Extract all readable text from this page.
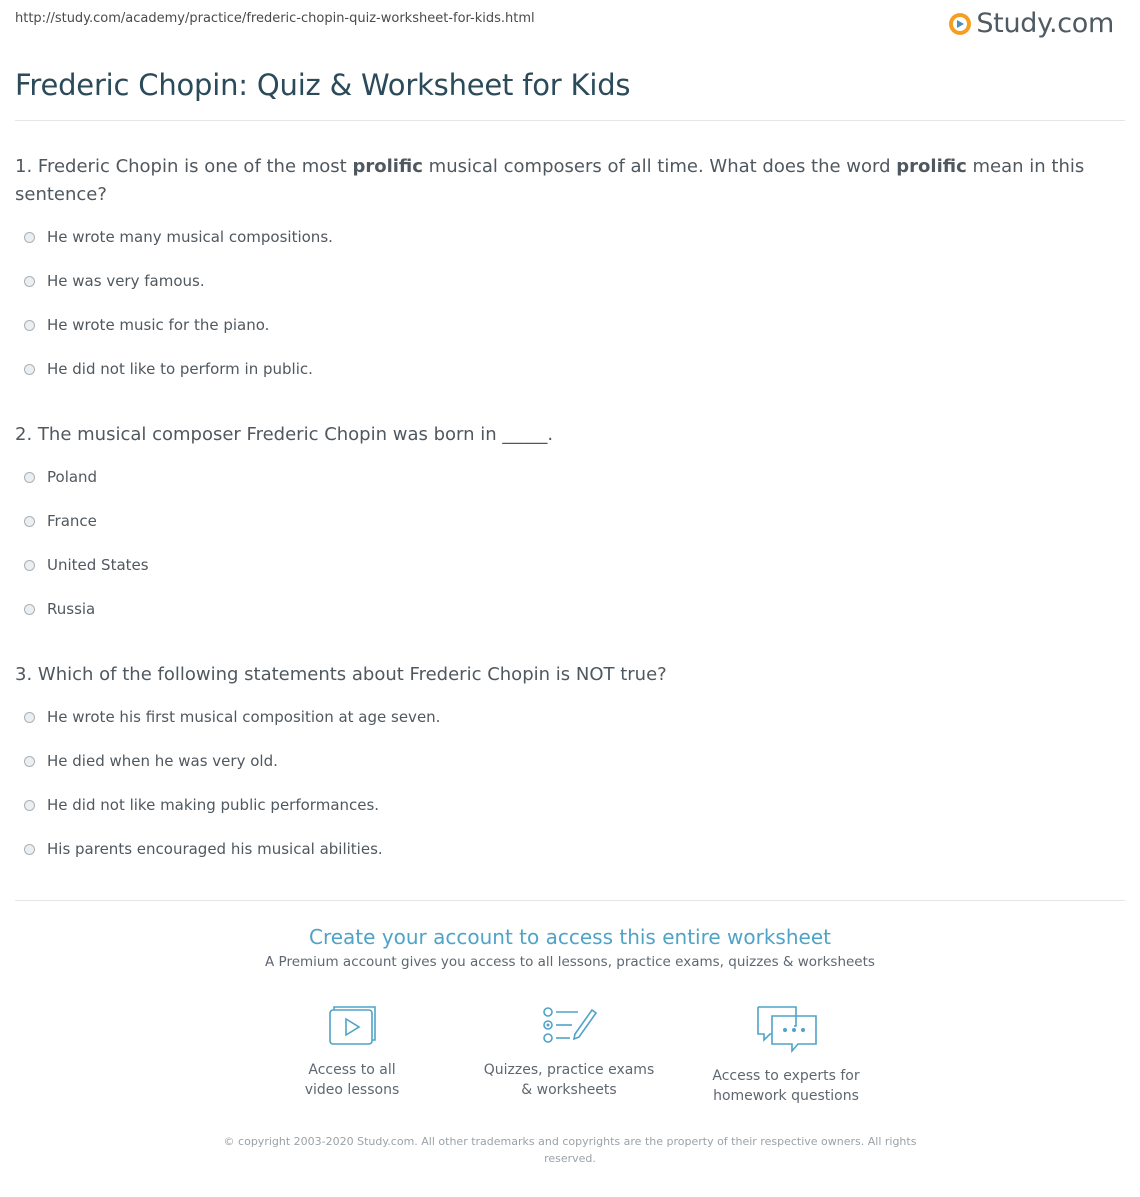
http://study.com/academy/practice/frederic-chopin-quiz-worksheet-for-kids.html	Study.com
Frederic Chopin: Quiz & Worksheet for Kids
1. Frederic Chopin is one of the most prolific musical composers of all time. What does the word prolific mean in this sentence?
He wrote many musical compositions.
He was very famous.
He wrote music for the piano.
He did not like to perform in public.
2. The musical composer Frederic Chopin was born in _____.
Poland
France
United States
Russia
3. Which of the following statements about Frederic Chopin is NOT true?
He wrote his first musical composition at age seven.
He died when he was very old.
He did not like making public performances.
His parents encouraged his musical abilities.
Create your account to access this entire worksheet
A Premium account gives you access to all lessons, practice exams, quizzes & worksheets
Access to all
video lessons
Quizzes, practice exams
& worksheets
Access to experts for
homework questions
© copyright 2003-2020 Study.com. All other trademarks and copyrights are the property of their respective owners. All rights reserved.
